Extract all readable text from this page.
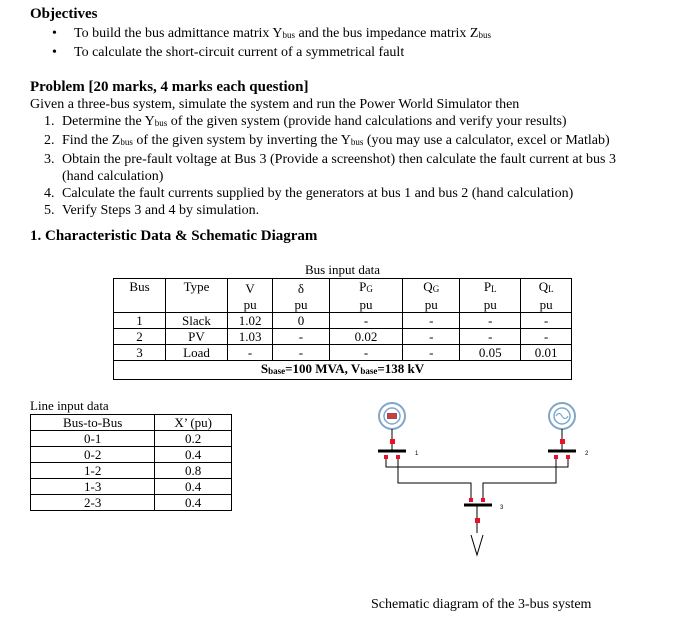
Objectives
• To build the bus admittance matrix $Y_{bus}$ and the bus impedance matrix $Z_{bus}$
• To calculate the short-circuit current of a symmetrical fault
Problem [20 marks, 4 marks each question]
Given a three-bus system, simulate the system and run the Power World Simulator then
1. Determine the $Y_{bus}$ of the given system (provide hand calculations and verify your results)
2. Find the $Z_{bus}$ of the given system by inverting the $Y_{bus}$ (you may use a calculator, excel or Matlab)
3. Obtain the pre-fault voltage at Bus 3 (Provide a screenshot) then calculate the fault current at bus 3
(hand calculation)
4. Calculate the fault currents supplied by the generators at bus 1 and bus 2 (hand calculation)
5. Verify Steps 3 and 4 by simulation.
1. Characteristic Data & Schematic Diagram
Bus input data
Bus	Type	V	δ	$P_G$	$Q_G$	$P_L$	$Q_L$
		pu	pu	pu	pu	pu	pu
1	Slack	1.02	0	-	-	-	-
2	PV	1.03	-	0.02	-	-	-
3	Load	-	-	-	-	0.05	0.01
$S_{base}=100$ MVA, $V_{base}=138$ kV							
Line input data
Bus-to-Bus	X’ (pu)
0-1	0.2
0-2	0.4
1-2	0.8
1-3	0.4
2-3	0.4
1	2
3
Schematic diagram of the 3-bus system
